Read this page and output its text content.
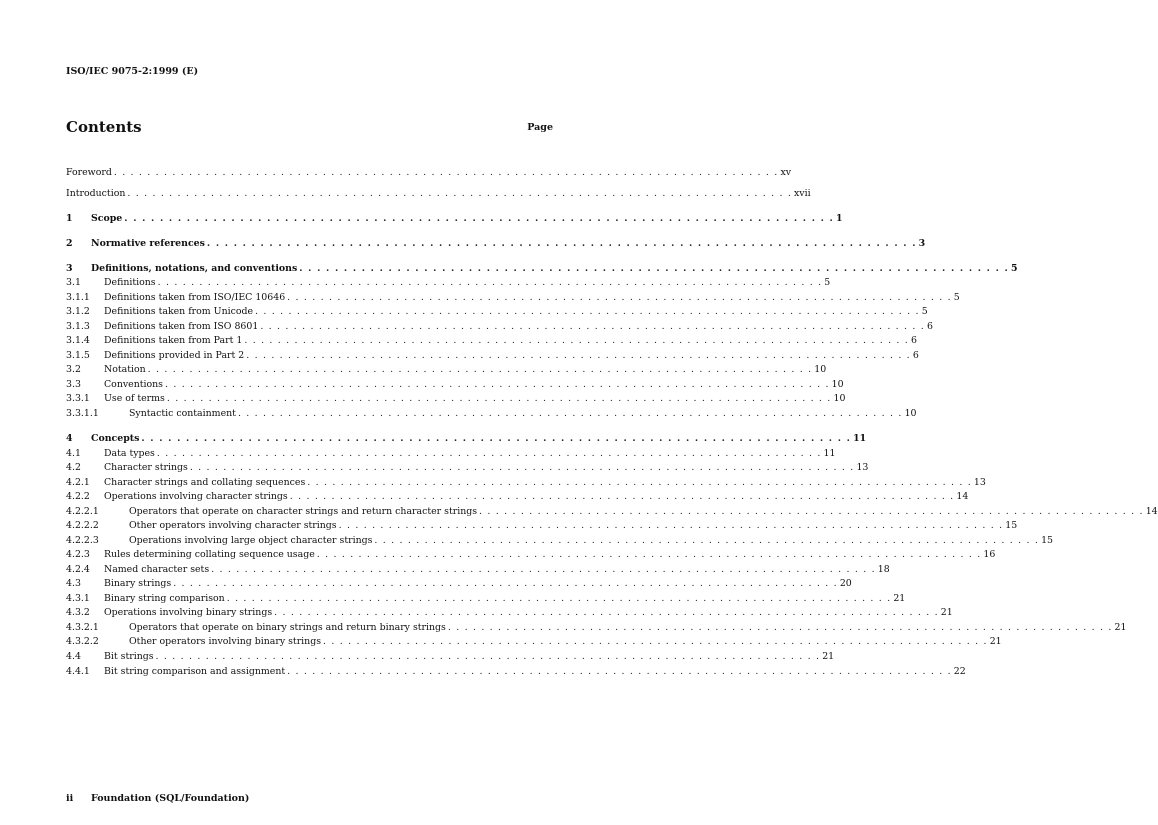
ISO/IEC 9075-2:1999 (E)
Contents	Page
Foreword . . . . . . . . . . . . . . . . . . . . . . . . . . . . . . . . . . . . . . . . . . . . . . . . . . . . . . . . . . . . . . . . . . . . . . . . . . . . . . . . xv
Introduction . . . . . . . . . . . . . . . . . . . . . . . . . . . . . . . . . . . . . . . . . . . . . . . . . . . . . . . . . . . . . . . . . . . . . . . . . . . . . . . . xvii
1	Scope . . . . . . . . . . . . . . . . . . . . . . . . . . . . . . . . . . . . . . . . . . . . . . . . . . . . . . . . . . . . . . . . . . . . . . . . . . . . . . . . 1
2	Normative references . . . . . . . . . . . . . . . . . . . . . . . . . . . . . . . . . . . . . . . . . . . . . . . . . . . . . . . . . . . . . . . . . . . . . . . . . . . . . . . . 3
3	Definitions, notations, and conventions . . . . . . . . . . . . . . . . . . . . . . . . . . . . . . . . . . . . . . . . . . . . . . . . . . . . . . . . . . . . . . . . . . . . . . . . . . . . . . . . 5
3.1	Definitions . . . . . . . . . . . . . . . . . . . . . . . . . . . . . . . . . . . . . . . . . . . . . . . . . . . . . . . . . . . . . . . . . . . . . . . . . . . . . . . . 5
3.1.1	Definitions taken from ISO/IEC 10646 . . . . . . . . . . . . . . . . . . . . . . . . . . . . . . . . . . . . . . . . . . . . . . . . . . . . . . . . . . . . . . . . . . . . . . . . . . . . . . . . 5
3.1.2	Definitions taken from Unicode . . . . . . . . . . . . . . . . . . . . . . . . . . . . . . . . . . . . . . . . . . . . . . . . . . . . . . . . . . . . . . . . . . . . . . . . . . . . . . . . 5
3.1.3	Definitions taken from ISO 8601 . . . . . . . . . . . . . . . . . . . . . . . . . . . . . . . . . . . . . . . . . . . . . . . . . . . . . . . . . . . . . . . . . . . . . . . . . . . . . . . . 6
3.1.4	Definitions taken from Part 1 . . . . . . . . . . . . . . . . . . . . . . . . . . . . . . . . . . . . . . . . . . . . . . . . . . . . . . . . . . . . . . . . . . . . . . . . . . . . . . . . 6
3.1.5	Definitions provided in Part 2 . . . . . . . . . . . . . . . . . . . . . . . . . . . . . . . . . . . . . . . . . . . . . . . . . . . . . . . . . . . . . . . . . . . . . . . . . . . . . . . . 6
3.2	Notation . . . . . . . . . . . . . . . . . . . . . . . . . . . . . . . . . . . . . . . . . . . . . . . . . . . . . . . . . . . . . . . . . . . . . . . . . . . . . . . . 10
3.3	Conventions . . . . . . . . . . . . . . . . . . . . . . . . . . . . . . . . . . . . . . . . . . . . . . . . . . . . . . . . . . . . . . . . . . . . . . . . . . . . . . . . 10
3.3.1	Use of terms . . . . . . . . . . . . . . . . . . . . . . . . . . . . . . . . . . . . . . . . . . . . . . . . . . . . . . . . . . . . . . . . . . . . . . . . . . . . . . . . 10
3.3.1.1	Syntactic containment . . . . . . . . . . . . . . . . . . . . . . . . . . . . . . . . . . . . . . . . . . . . . . . . . . . . . . . . . . . . . . . . . . . . . . . . . . . . . . . . 10
4	Concepts . . . . . . . . . . . . . . . . . . . . . . . . . . . . . . . . . . . . . . . . . . . . . . . . . . . . . . . . . . . . . . . . . . . . . . . . . . . . . . . . 11
4.1	Data types . . . . . . . . . . . . . . . . . . . . . . . . . . . . . . . . . . . . . . . . . . . . . . . . . . . . . . . . . . . . . . . . . . . . . . . . . . . . . . . . 11
4.2	Character strings . . . . . . . . . . . . . . . . . . . . . . . . . . . . . . . . . . . . . . . . . . . . . . . . . . . . . . . . . . . . . . . . . . . . . . . . . . . . . . . . 13
4.2.1	Character strings and collating sequences . . . . . . . . . . . . . . . . . . . . . . . . . . . . . . . . . . . . . . . . . . . . . . . . . . . . . . . . . . . . . . . . . . . . . . . . . . . . . . . . 13
4.2.2	Operations involving character strings . . . . . . . . . . . . . . . . . . . . . . . . . . . . . . . . . . . . . . . . . . . . . . . . . . . . . . . . . . . . . . . . . . . . . . . . . . . . . . . . 14
4.2.2.1	Operators that operate on character strings and return character strings . . . . . . . . . . . . . . . . . . . . . . . . . . . . . . . . . . . . . . . . . . . . . . . . . . . . . . . . . . . . . . . . . . . . . . . . . . . . . . . . 14
4.2.2.2	Other operators involving character strings . . . . . . . . . . . . . . . . . . . . . . . . . . . . . . . . . . . . . . . . . . . . . . . . . . . . . . . . . . . . . . . . . . . . . . . . . . . . . . . . 15
4.2.2.3	Operations involving large object character strings . . . . . . . . . . . . . . . . . . . . . . . . . . . . . . . . . . . . . . . . . . . . . . . . . . . . . . . . . . . . . . . . . . . . . . . . . . . . . . . . 15
4.2.3	Rules determining collating sequence usage . . . . . . . . . . . . . . . . . . . . . . . . . . . . . . . . . . . . . . . . . . . . . . . . . . . . . . . . . . . . . . . . . . . . . . . . . . . . . . . . 16
4.2.4	Named character sets . . . . . . . . . . . . . . . . . . . . . . . . . . . . . . . . . . . . . . . . . . . . . . . . . . . . . . . . . . . . . . . . . . . . . . . . . . . . . . . . 18
4.3	Binary strings . . . . . . . . . . . . . . . . . . . . . . . . . . . . . . . . . . . . . . . . . . . . . . . . . . . . . . . . . . . . . . . . . . . . . . . . . . . . . . . . 20
4.3.1	Binary string comparison . . . . . . . . . . . . . . . . . . . . . . . . . . . . . . . . . . . . . . . . . . . . . . . . . . . . . . . . . . . . . . . . . . . . . . . . . . . . . . . . 21
4.3.2	Operations involving binary strings . . . . . . . . . . . . . . . . . . . . . . . . . . . . . . . . . . . . . . . . . . . . . . . . . . . . . . . . . . . . . . . . . . . . . . . . . . . . . . . . 21
4.3.2.1	Operators that operate on binary strings and return binary strings . . . . . . . . . . . . . . . . . . . . . . . . . . . . . . . . . . . . . . . . . . . . . . . . . . . . . . . . . . . . . . . . . . . . . . . . . . . . . . . . 21
4.3.2.2	Other operators involving binary strings . . . . . . . . . . . . . . . . . . . . . . . . . . . . . . . . . . . . . . . . . . . . . . . . . . . . . . . . . . . . . . . . . . . . . . . . . . . . . . . . 21
4.4	Bit strings . . . . . . . . . . . . . . . . . . . . . . . . . . . . . . . . . . . . . . . . . . . . . . . . . . . . . . . . . . . . . . . . . . . . . . . . . . . . . . . . 21
4.4.1	Bit string comparison and assignment . . . . . . . . . . . . . . . . . . . . . . . . . . . . . . . . . . . . . . . . . . . . . . . . . . . . . . . . . . . . . . . . . . . . . . . . . . . . . . . . 22
ii Foundation (SQL/Foundation)
